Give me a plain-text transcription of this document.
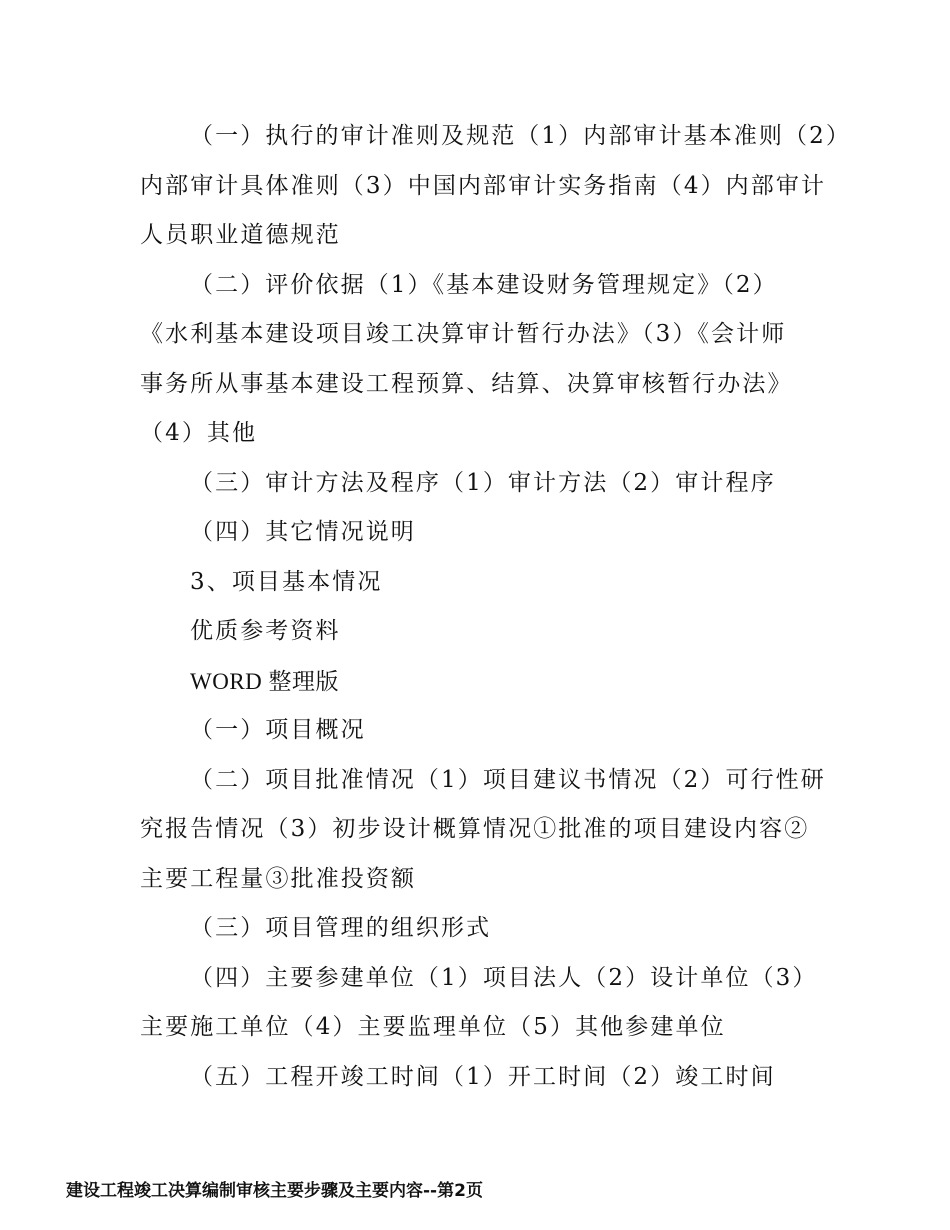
（一）执行的审计准则及规范（1）内部审计基本准则（2）

内部审计具体准则（3）中国内部审计实务指南（4）内部审计

人员职业道德规范

（二）评价依据（1）《基本建设财务管理规定》（2）

《水利基本建设项目竣工决算审计暂行办法》（3）《会计师

事务所从事基本建设工程预算、结算、决算审核暂行办法》

（4）其他

（三）审计方法及程序（1）审计方法（2）审计程序

（四）其它情况说明

3、项目基本情况

优质参考资料

WORD 整理版

（一）项目概况

（二）项目批准情况（1）项目建议书情况（2）可行性研

究报告情况（3）初步设计概算情况①批准的项目建设内容②

主要工程量③批准投资额

（三）项目管理的组织形式

（四）主要参建单位（1）项目法人（2）设计单位（3）

主要施工单位（4）主要监理单位（5）其他参建单位

（五）工程开竣工时间（1）开工时间（2）竣工时间

建设工程竣工决算编制审核主要步骤及主要内容--第2页
